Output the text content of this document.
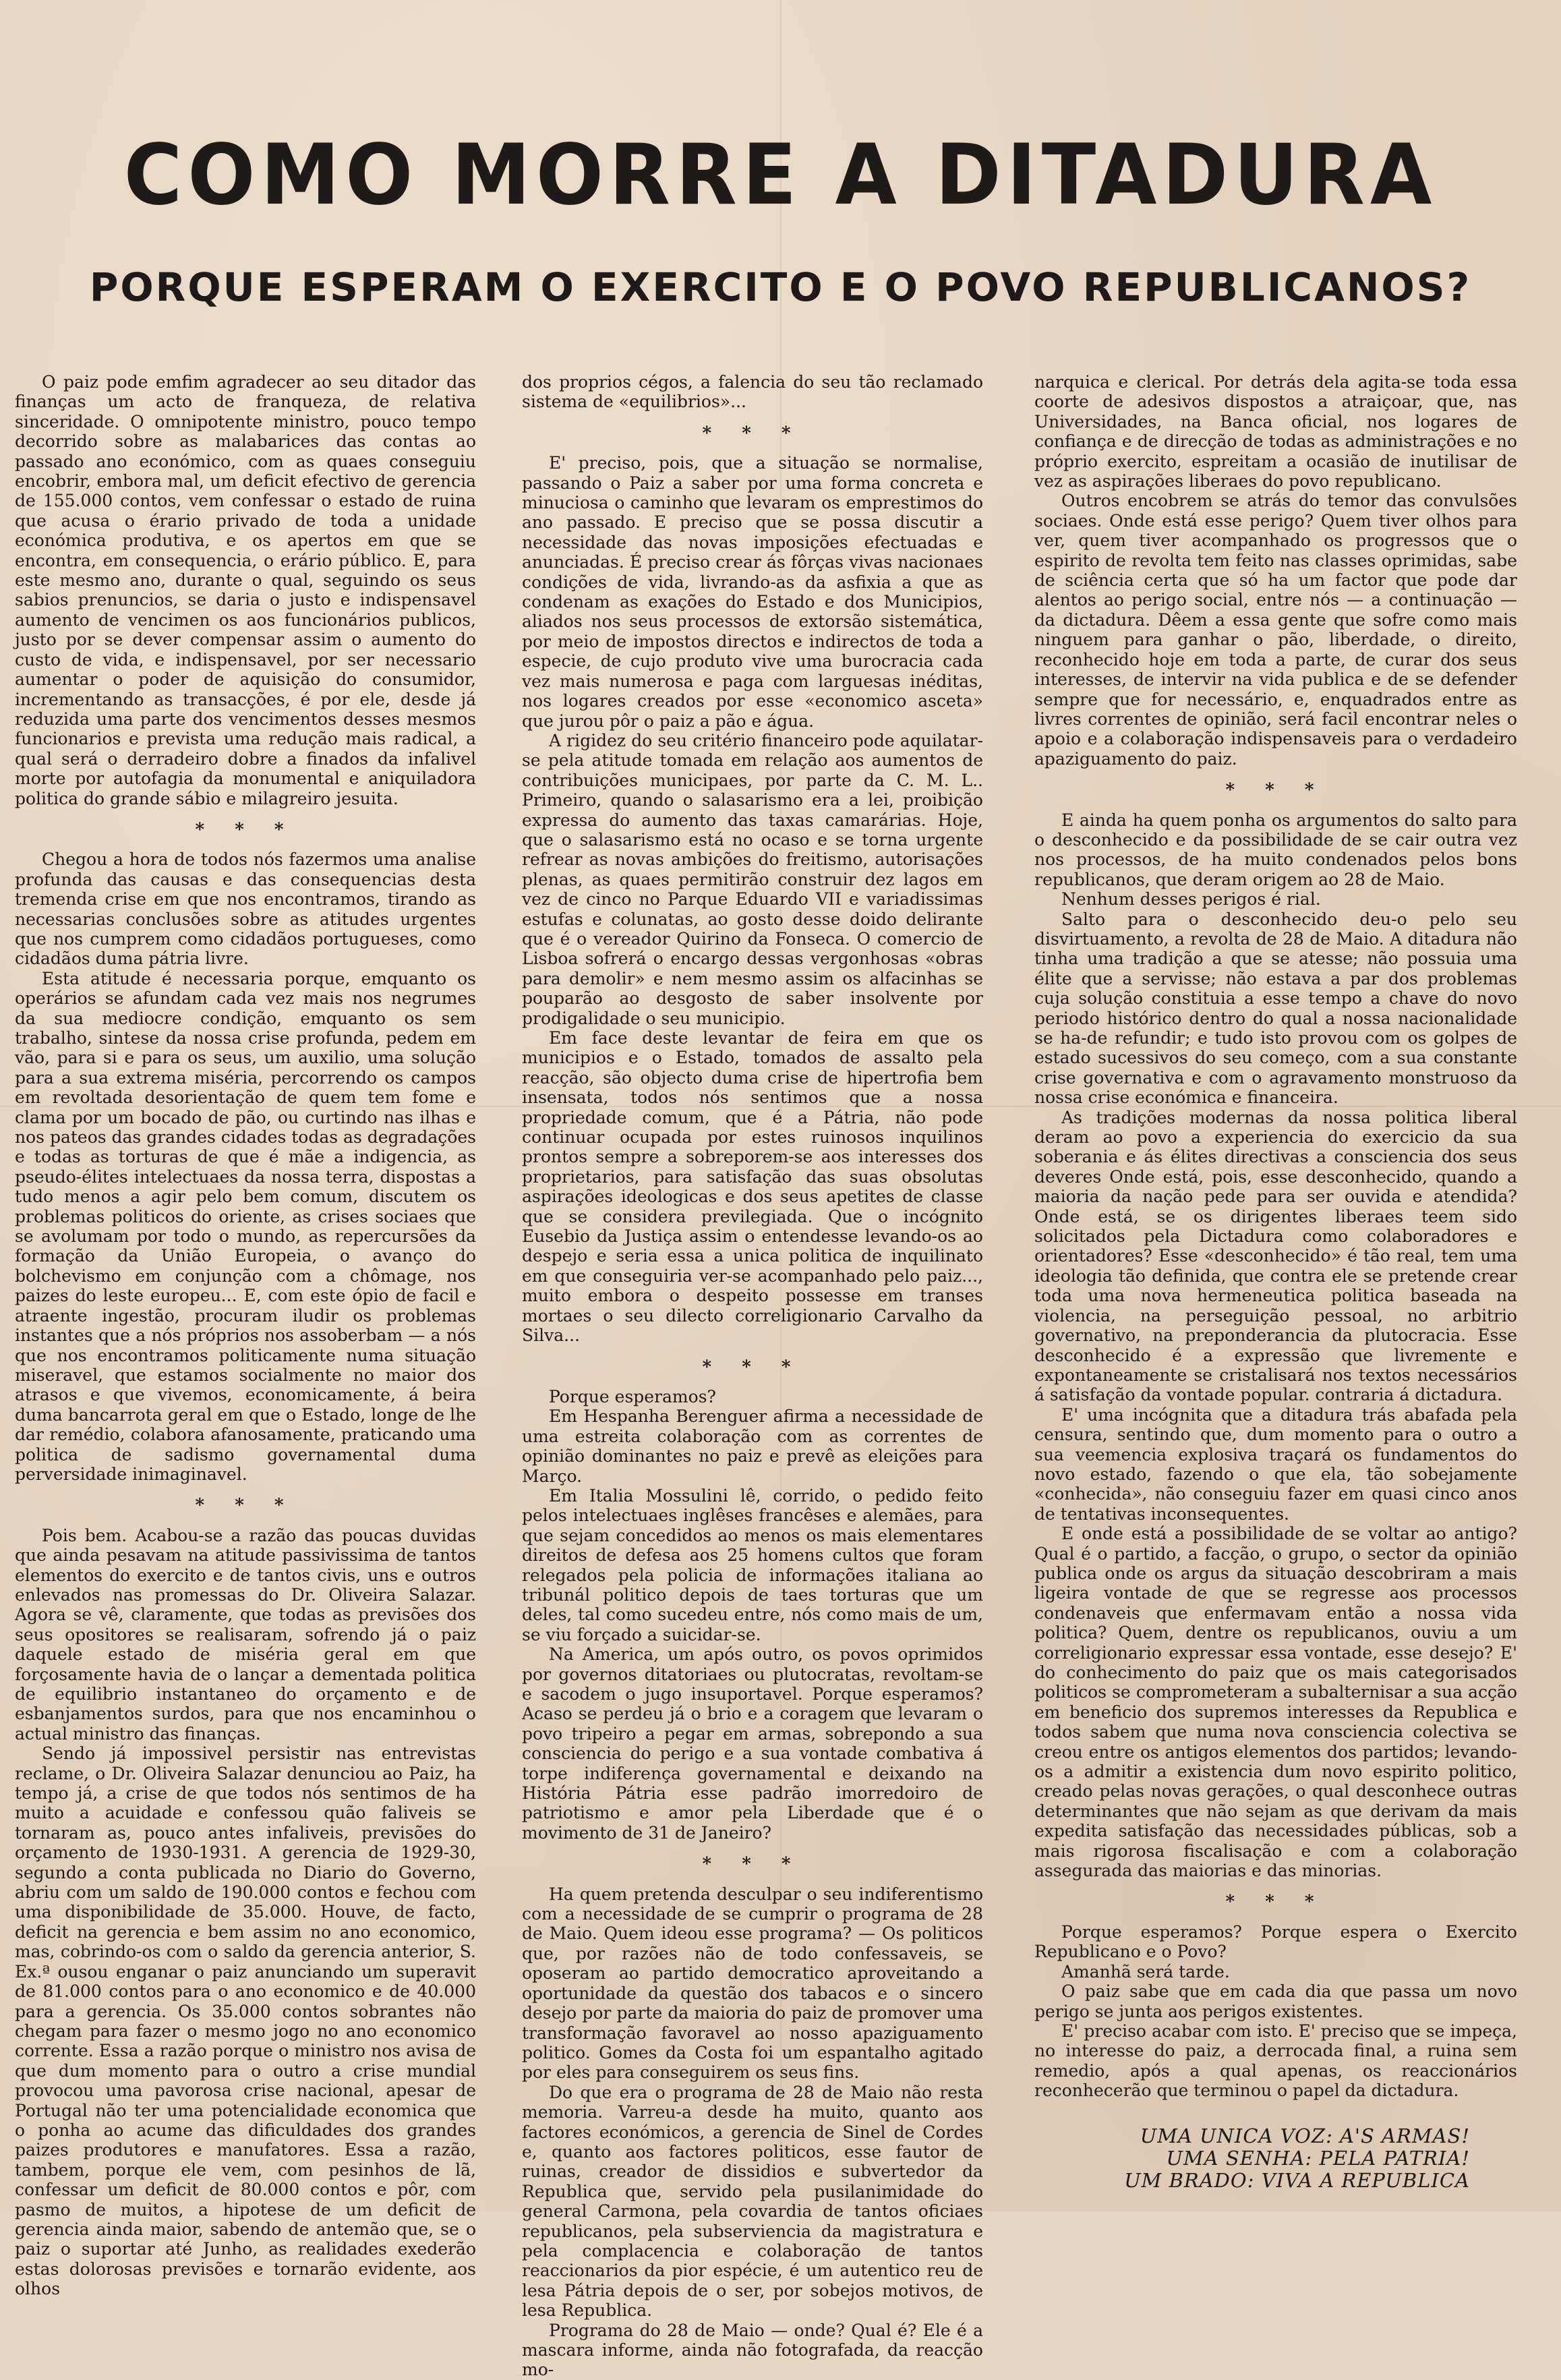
COMO MORRE A DITADURA
PORQUE ESPERAM O EXERCITO E O POVO REPUBLICANOS?

O paiz pode emfim agradecer ao seu ditador das finanças um acto de franqueza, de relativa sinceridade. O omnipotente ministro, pouco tempo decorrido sobre as malabarices das contas ao passado ano económico, com as quaes conseguiu encobrir, embora mal, um deficit efectivo de gerencia de 155.000 contos, vem confessar o estado de ruina que acusa o érario privado de toda a unidade económica produtiva, e os apertos em que se encontra, em consequencia, o erário público. E, para este mesmo ano, durante o qual, seguindo os seus sabios prenuncios, se daria o justo e indispensavel aumento de vencimen os aos funcionários publicos, justo por se dever compensar assim o aumento do custo de vida, e indispensavel, por ser necessario aumentar o poder de aquisição do consumidor, incrementando as transacções, é por ele, desde já reduzida uma parte dos vencimentos desses mesmos funcionarios e prevista uma redução mais radical, a qual será o derradeiro dobre a finados da infalivel morte por autofagia da monumental e aniquiladora politica do grande sábio e milagreiro jesuita.

* * *

Chegou a hora de todos nós fazermos uma analise profunda das causas e das consequencias desta tremenda crise em que nos encontramos, tirando as necessarias conclusões sobre as atitudes urgentes que nos cumprem como cidadãos portugueses, como cidadãos duma pátria livre.

Esta atitude é necessaria porque, emquanto os operários se afundam cada vez mais nos negrumes da sua mediocre condição, emquanto os sem trabalho, sintese da nossa crise profunda, pedem em vão, para si e para os seus, um auxilio, uma solução para a sua extrema miséria, percorrendo os campos em revoltada desorientação de quem tem fome e clama por um bocado de pão, ou curtindo nas ilhas e nos pateos das grandes cidades todas as degradações e todas as torturas de que é mãe a indigencia, as pseudo-élites intelectuaes da nossa terra, dispostas a tudo menos a agir pelo bem comum, discutem os problemas politicos do oriente, as crises sociaes que se avolumam por todo o mundo, as repercursões da formação da União Europeia, o avanço do bolchevismo em conjunção com a chômage, nos paizes do leste europeu... E, com este ópio de facil e atraente ingestão, procuram iludir os problemas instantes que a nós próprios nos assoberbam — a nós que nos encontramos politicamente numa situação miseravel, que estamos socialmente no maior dos atrasos e que vivemos, economicamente, á beira duma bancarrota geral em que o Estado, longe de lhe dar remédio, colabora afanosamente, praticando uma politica de sadismo governamental duma perversidade inimaginavel.

* * *

Pois bem. Acabou-se a razão das poucas duvidas que ainda pesavam na atitude passivissima de tantos elementos do exercito e de tantos civis, uns e outros enlevados nas promessas do Dr. Oliveira Salazar. Agora se vê, claramente, que todas as previsões dos seus opositores se realisaram, sofrendo já o paiz daquele estado de miséria geral em que forçosamente havia de o lançar a dementada politica de equilibrio instantaneo do orçamento e de esbanjamentos surdos, para que nos encaminhou o actual ministro das finanças.

Sendo já impossivel persistir nas entrevistas reclame, o Dr. Oliveira Salazar denunciou ao Paiz, ha tempo já, a crise de que todos nós sentimos de ha muito a acuidade e confessou quão faliveis se tornaram as, pouco antes infaliveis, previsões do orçamento de 1930-1931. A gerencia de 1929-30, segundo a conta publicada no Diario do Governo, abriu com um saldo de 190.000 contos e fechou com uma disponibilidade de 35.000. Houve, de facto, deficit na gerencia e bem assim no ano economico, mas, cobrindo-os com o saldo da gerencia anterior, S. Ex.ª ousou enganar o paiz anunciando um superavit de 81.000 contos para o ano economico e de 40.000 para a gerencia. Os 35.000 contos sobrantes não chegam para fazer o mesmo jogo no ano economico corrente. Essa a razão porque o ministro nos avisa de que dum momento para o outro a crise mundial provocou uma pavorosa crise nacional, apesar de Portugal não ter uma potencialidade economica que o ponha ao acume das dificuldades dos grandes paizes produtores e manufatores. Essa a razão, tambem, porque ele vem, com pesinhos de lã, confessar um deficit de 80.000 contos e pôr, com pasmo de muitos, a hipotese de um deficit de gerencia ainda maior, sabendo de antemão que, se o paiz o suportar até Junho, as realidades exederão estas dolorosas previsões e tornarão evidente, aos olhos

dos proprios cégos, a falencia do seu tão reclamado sistema de «equilibrios»...

* * *

E' preciso, pois, que a situação se normalise, passando o Paiz a saber por uma forma concreta e minuciosa o caminho que levaram os emprestimos do ano passado. E preciso que se possa discutir a necessidade das novas imposições efectuadas e anunciadas. É preciso crear ás fôrças vivas nacionaes condições de vida, livrando-as da asfixia a que as condenam as exações do Estado e dos Municipios, aliados nos seus processos de extorsão sistemática, por meio de impostos directos e indirectos de toda a especie, de cujo produto vive uma burocracia cada vez mais numerosa e paga com larguesas inéditas, nos logares creados por esse «economico asceta» que jurou pôr o paiz a pão e água.

A rigidez do seu critério financeiro pode aquilatar-se pela atitude tomada em relação aos aumentos de contribuições municipaes, por parte da C. M. L.. Primeiro, quando o salasarismo era a lei, proibição expressa do aumento das taxas camarárias. Hoje, que o salasarismo está no ocaso e se torna urgente refrear as novas ambições do freitismo, autorisações plenas, as quaes permitirão construir dez lagos em vez de cinco no Parque Eduardo VII e variadissimas estufas e colunatas, ao gosto desse doido delirante que é o vereador Quirino da Fonseca. O comercio de Lisboa sofrerá o encargo dessas vergonhosas «obras para demolir» e nem mesmo assim os alfacinhas se pouparão ao desgosto de saber insolvente por prodigalidade o seu municipio.

Em face deste levantar de feira em que os municipios e o Estado, tomados de assalto pela reacção, são objecto duma crise de hipertrofia bem insensata, todos nós sentimos que a nossa propriedade comum, que é a Pátria, não pode continuar ocupada por estes ruinosos inquilinos prontos sempre a sobreporem-se aos interesses dos proprietarios, para satisfação das suas obsolutas aspirações ideologicas e dos seus apetites de classe que se considera previlegiada. Que o incógnito Eusebio da Justiça assim o entendesse levando-os ao despejo e seria essa a unica politica de inquilinato em que conseguiria ver-se acompanhado pelo paiz..., muito embora o despeito possesse em transes mortaes o seu dilecto correligionario Carvalho da Silva...

* * *

Porque esperamos?

Em Hespanha Berenguer afirma a necessidade de uma estreita colaboração com as correntes de opinião dominantes no paiz e prevê as eleições para Março.

Em Italia Mossulini lê, corrido, o pedido feito pelos intelectuaes inglêses francêses e alemães, para que sejam concedidos ao menos os mais elementares direitos de defesa aos 25 homens cultos que foram relegados pela policia de informações italiana ao tribunál politico depois de taes torturas que um deles, tal como sucedeu entre, nós como mais de um, se viu forçado a suicidar-se.

Na America, um após outro, os povos oprimidos por governos ditatoriaes ou plutocratas, revoltam-se e sacodem o jugo insuportavel. Porque esperamos? Acaso se perdeu já o brio e a coragem que levaram o povo tripeiro a pegar em armas, sobrepondo a sua consciencia do perigo e a sua vontade combativa á torpe indiferença governamental e deixando na História Pátria esse padrão imorredoiro de patriotismo e amor pela Liberdade que é o movimento de 31 de Janeiro?

* * *

Ha quem pretenda desculpar o seu indiferentismo com a necessidade de se cumprir o programa de 28 de Maio. Quem ideou esse programa? — Os politicos que, por razões não de todo confessaveis, se oposeram ao partido democratico aproveitando a oportunidade da questão dos tabacos e o sincero desejo por parte da maioria do paiz de promover uma transformação favoravel ao nosso apaziguamento politico. Gomes da Costa foi um espantalho agitado por eles para conseguirem os seus fins.

Do que era o programa de 28 de Maio não resta memoria. Varreu-a desde ha muito, quanto aos factores económicos, a gerencia de Sinel de Cordes e, quanto aos factores politicos, esse fautor de ruinas, creador de dissidios e subvertedor da Republica que, servido pela pusilanimidade do general Carmona, pela covardia de tantos oficiaes republicanos, pela subserviencia da magistratura e pela complacencia e colaboração de tantos reaccionarios da pior espécie, é um autentico reu de lesa Pátria depois de o ser, por sobejos motivos, de lesa Republica.

Programa do 28 de Maio — onde? Qual é? Ele é a mascara informe, ainda não fotografada, da reacção mo-

narquica e clerical. Por detrás dela agita-se toda essa coorte de adesivos dispostos a atraiçoar, que, nas Universidades, na Banca oficial, nos logares de confiança e de direcção de todas as administrações e no próprio exercito, espreitam a ocasião de inutilisar de vez as aspirações liberaes do povo republicano.

Outros encobrem se atrás do temor das convulsões sociaes. Onde está esse perigo? Quem tiver olhos para ver, quem tiver acompanhado os progressos que o espirito de revolta tem feito nas classes oprimidas, sabe de sciência certa que só ha um factor que pode dar alentos ao perigo social, entre nós — a continuação — da dictadura. Dêem a essa gente que sofre como mais ninguem para ganhar o pão, liberdade, o direito, reconhecido hoje em toda a parte, de curar dos seus interesses, de intervir na vida publica e de se defender sempre que for necessário, e, enquadrados entre as livres correntes de opinião, será facil encontrar neles o apoio e a colaboração indispensaveis para o verdadeiro apaziguamento do paiz.

* * *

E ainda ha quem ponha os argumentos do salto para o desconhecido e da possibilidade de se cair outra vez nos processos, de ha muito condenados pelos bons republicanos, que deram origem ao 28 de Maio.

Nenhum desses perigos é rial.

Salto para o desconhecido deu-o pelo seu disvirtuamento, a revolta de 28 de Maio. A ditadura não tinha uma tradição a que se atesse; não possuia uma élite que a servisse; não estava a par dos problemas cuja solução constituia a esse tempo a chave do novo periodo histórico dentro do qual a nossa nacionalidade se ha-de refundir; e tudo isto provou com os golpes de estado sucessivos do seu começo, com a sua constante crise governativa e com o agravamento monstruoso da nossa crise económica e financeira.

As tradições modernas da nossa politica liberal deram ao povo a experiencia do exercicio da sua soberania e ás élites directivas a consciencia dos seus deveres Onde está, pois, esse desconhecido, quando a maioria da nação pede para ser ouvida e atendida? Onde está, se os dirigentes liberaes teem sido solicitados pela Dictadura como colaboradores e orientadores? Esse «desconhecido» é tão real, tem uma ideologia tão definida, que contra ele se pretende crear toda uma nova hermeneutica politica baseada na violencia, na perseguição pessoal, no arbitrio governativo, na preponderancia da plutocracia. Esse desconhecido é a expressão que livremente e expontaneamente se cristalisará nos textos necessários á satisfação da vontade popular. contraria á dictadura.

E' uma incógnita que a ditadura trás abafada pela censura, sentindo que, dum momento para o outro a sua veemencia explosiva traçará os fundamentos do novo estado, fazendo o que ela, tão sobejamente «conhecida», não conseguiu fazer em quasi cinco anos de tentativas inconsequentes.

E onde está a possibilidade de se voltar ao antigo? Qual é o partido, a facção, o grupo, o sector da opinião publica onde os argus da situação descobriram a mais ligeira vontade de que se regresse aos processos condenaveis que enfermavam então a nossa vida politica? Quem, dentre os republicanos, ouviu a um correligionario expressar essa vontade, esse desejo? E' do conhecimento do paiz que os mais categorisados politicos se comprometeram a subalternisar a sua acção em beneficio dos supremos interesses da Republica e todos sabem que numa nova consciencia colectiva se creou entre os antigos elementos dos partidos; levando-os a admitir a existencia dum novo espirito politico, creado pelas novas gerações, o qual desconhece outras determinantes que não sejam as que derivam da mais expedita satisfação das necessidades públicas, sob a mais rigorosa fiscalisação e com a colaboração assegurada das maiorias e das minorias.

* * *

Porque esperamos? Porque espera o Exercito Republicano e o Povo?

Amanhã será tarde.

O paiz sabe que em cada dia que passa um novo perigo se junta aos perigos existentes.

E' preciso acabar com isto. E' preciso que se impeça, no interesse do paiz, a derrocada final, a ruina sem remedio, após a qual apenas, os reaccionários reconhecerão que terminou o papel da dictadura.

UMA UNICA VOZ: A'S ARMAS!
UMA SENHA: PELA PATRIA!
UM BRADO: VIVA A REPUBLICA
